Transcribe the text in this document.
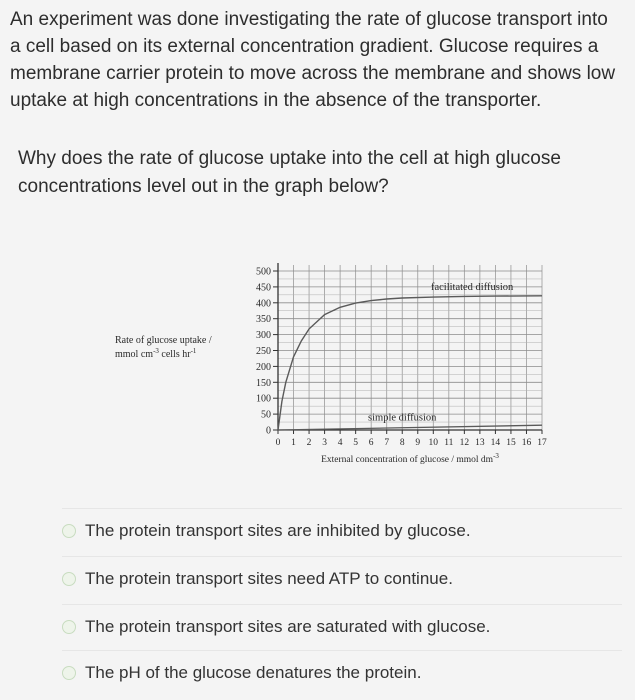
An experiment was done investigating the rate of glucose transport into
a cell based on its external concentration gradient. Glucose requires a
membrane carrier protein to move across the membrane and shows low
uptake at high concentrations in the absence of the transporter.
Why does the rate of glucose uptake into the cell at high glucose
concentrations level out in the graph below?
0
50
100
150
200
250
300
350
400
450
500
0 1 2 3 4 5 6 7 8 9 10 11 12 13 14 15 16 17
facilitated diffusion
simple diffusion
External concentration of glucose / mmol $dm^{-3}$
Rate of glucose uptake /
mmol $cm^{-3}$ cells $hr^{-1}$
The protein transport sites are inhibited by glucose.
The protein transport sites need ATP to continue.
The protein transport sites are saturated with glucose.
The pH of the glucose denatures the protein.
